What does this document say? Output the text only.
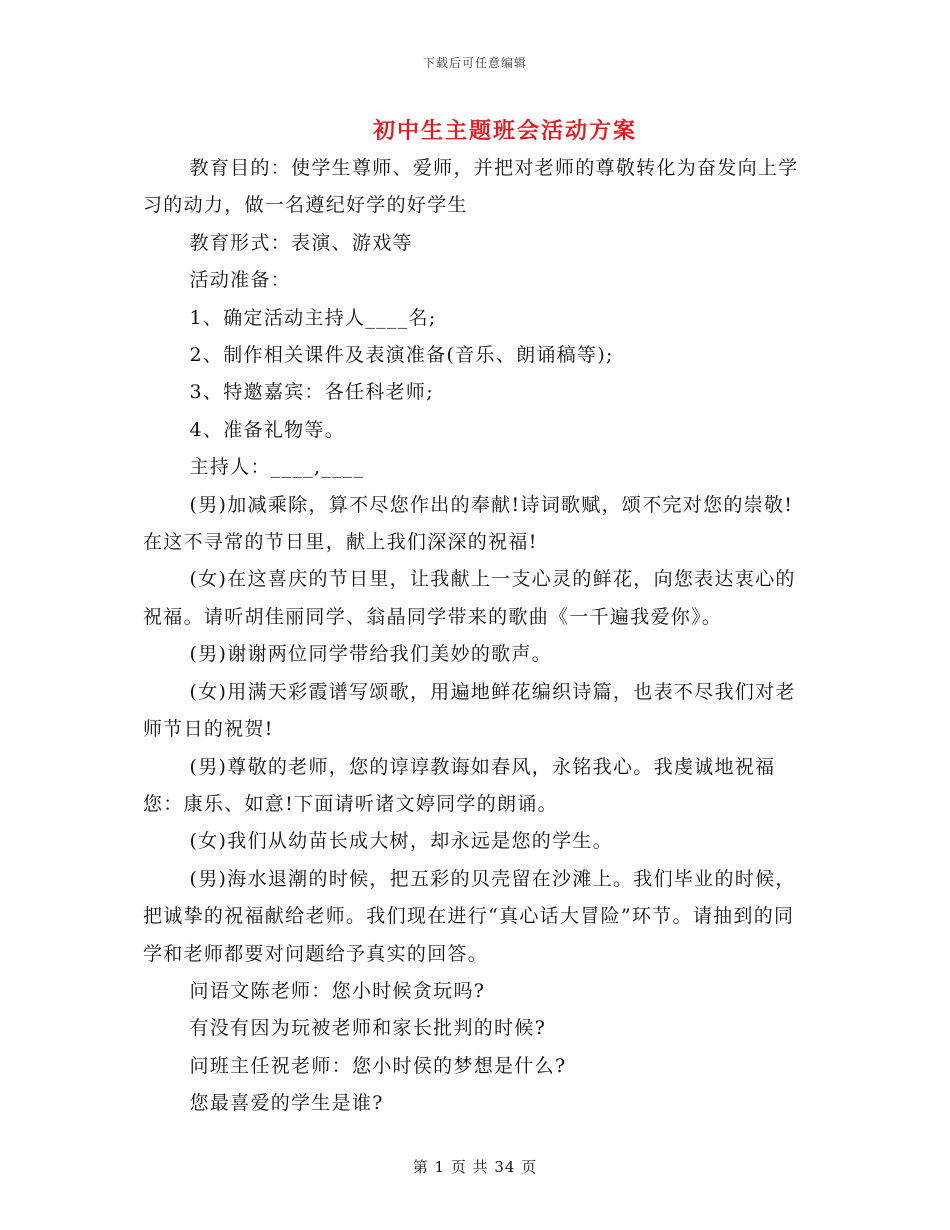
下载后可任意编辑
初中生主题班会活动方案

教育目的：使学生尊师、爱师，并把对老师的尊敬转化为奋发向上学习的动力，做一名遵纪好学的好学生

教育形式：表演、游戏等

活动准备：

1、确定活动主持人____名;

2、制作相关课件及表演准备(音乐、朗诵稿等);

3、特邀嘉宾：各任科老师;

4、准备礼物等。

主持人：____,____

(男)加减乘除，算不尽您作出的奉献!诗词歌赋，颂不完对您的崇敬!在这不寻常的节日里，献上我们深深的祝福!

(女)在这喜庆的节日里，让我献上一支心灵的鲜花，向您表达衷心的祝福。请听胡佳丽同学、翁晶同学带来的歌曲《一千遍我爱你》。

(男)谢谢两位同学带给我们美妙的歌声。

(女)用满天彩霞谱写颂歌，用遍地鲜花编织诗篇，也表不尽我们对老师节日的祝贺!

(男)尊敬的老师，您的谆谆教诲如春风，永铭我心。我虔诚地祝福您：康乐、如意!下面请听诸文婷同学的朗诵。

(女)我们从幼苗长成大树，却永远是您的学生。

(男)海水退潮的时候，把五彩的贝壳留在沙滩上。我们毕业的时候，把诚挚的祝福献给老师。我们现在进行“真心话大冒险”环节。请抽到的同学和老师都要对问题给予真实的回答。

问语文陈老师：您小时候贪玩吗?

有没有因为玩被老师和家长批判的时候?

问班主任祝老师：您小时侯的梦想是什么?

您最喜爱的学生是谁?

第 1 页 共 34 页
